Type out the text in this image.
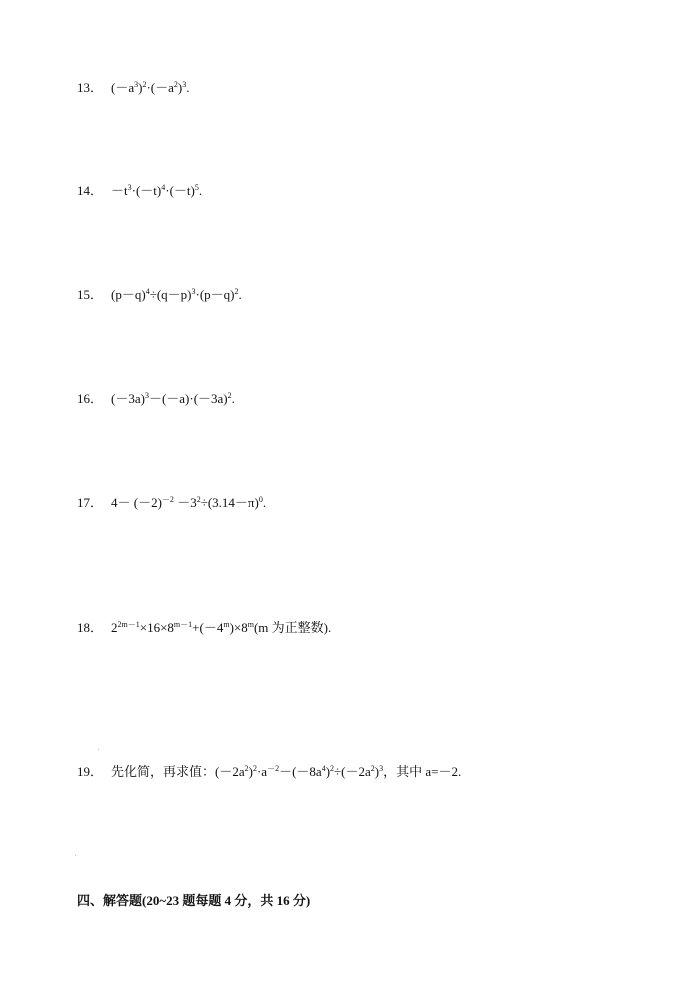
13． $(-a^3)^2\cdot(-a^2)^3$.
14． $-t^3\cdot(-t)^4\cdot(-t)^5$.
15． $(p-q)^4\div(q-p)^3\cdot(p-q)^2$.
16． $(-3a)^3-(-a)\cdot(-3a)^2$.
17． $4- (-2)^{-2} -3^2\div(3.14-\pi)^0$.
18． $2^{2m-1}\times 16\times 8^{m-1}+(-4^m)\times 8^m(m$ 为正整数).
19． 先化简，再求值：$(-2a^2)^2\cdot a^{-2}-(-8a^4)^2\div(-2a^2)^3$，其中 a=－2.
四、解答题(20~23 题每题 4 分，共 16 分)
